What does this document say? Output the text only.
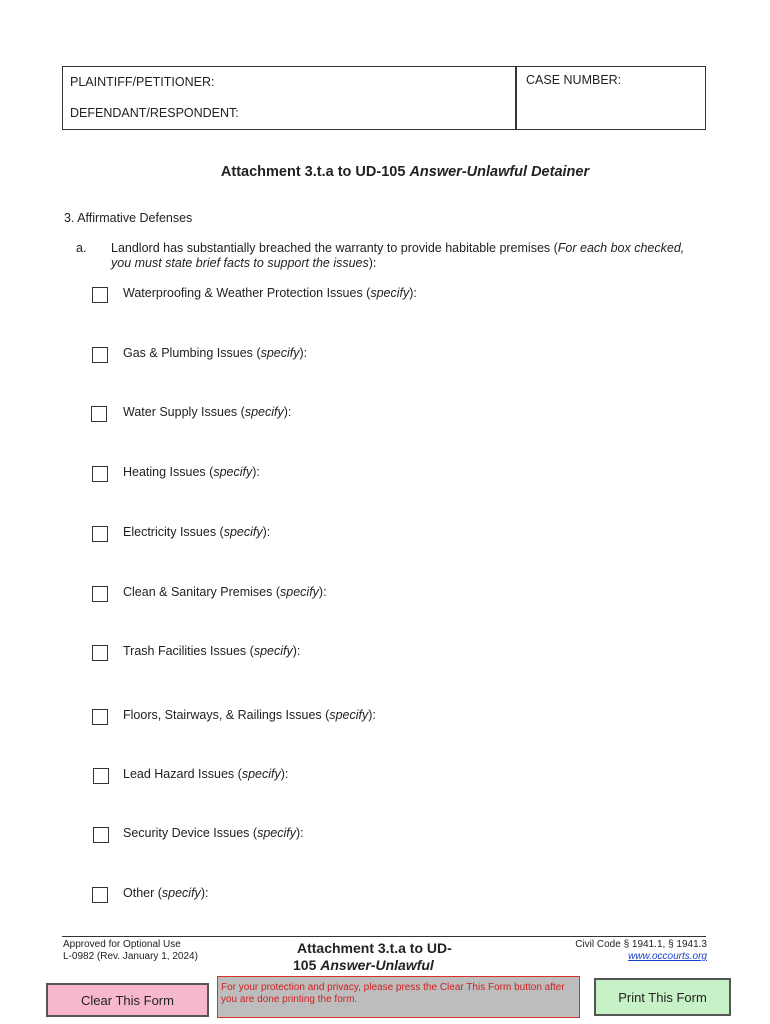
PLAINTIFF/PETITIONER:
DEFENDANT/RESPONDENT:
CASE NUMBER:
Attachment 3.t.a to UD-105 Answer-Unlawful Detainer
3. Affirmative Defenses
a. Landlord has substantially breached the warranty to provide habitable premises (For each box checked,
you must state brief facts to support the issues):
Waterproofing & Weather Protection Issues (specify):
Gas & Plumbing Issues (specify):
Water Supply Issues (specify):
Heating Issues (specify):
Electricity Issues (specify):
Clean & Sanitary Premises (specify):
Trash Facilities Issues (specify):
Floors, Stairways, & Railings Issues (specify):
Lead Hazard Issues (specify):
Security Device Issues (specify):
Other (specify):
Approved for Optional Use
L-0982 (Rev. January 1, 2024)
Attachment 3.t.a to UD-
105 Answer-Unlawful
Civil Code § 1941.1, § 1941.3
www.occourts.org
Clear This Form
For your protection and privacy, please press the Clear This Form button after you are done printing the form.	Print This Form
